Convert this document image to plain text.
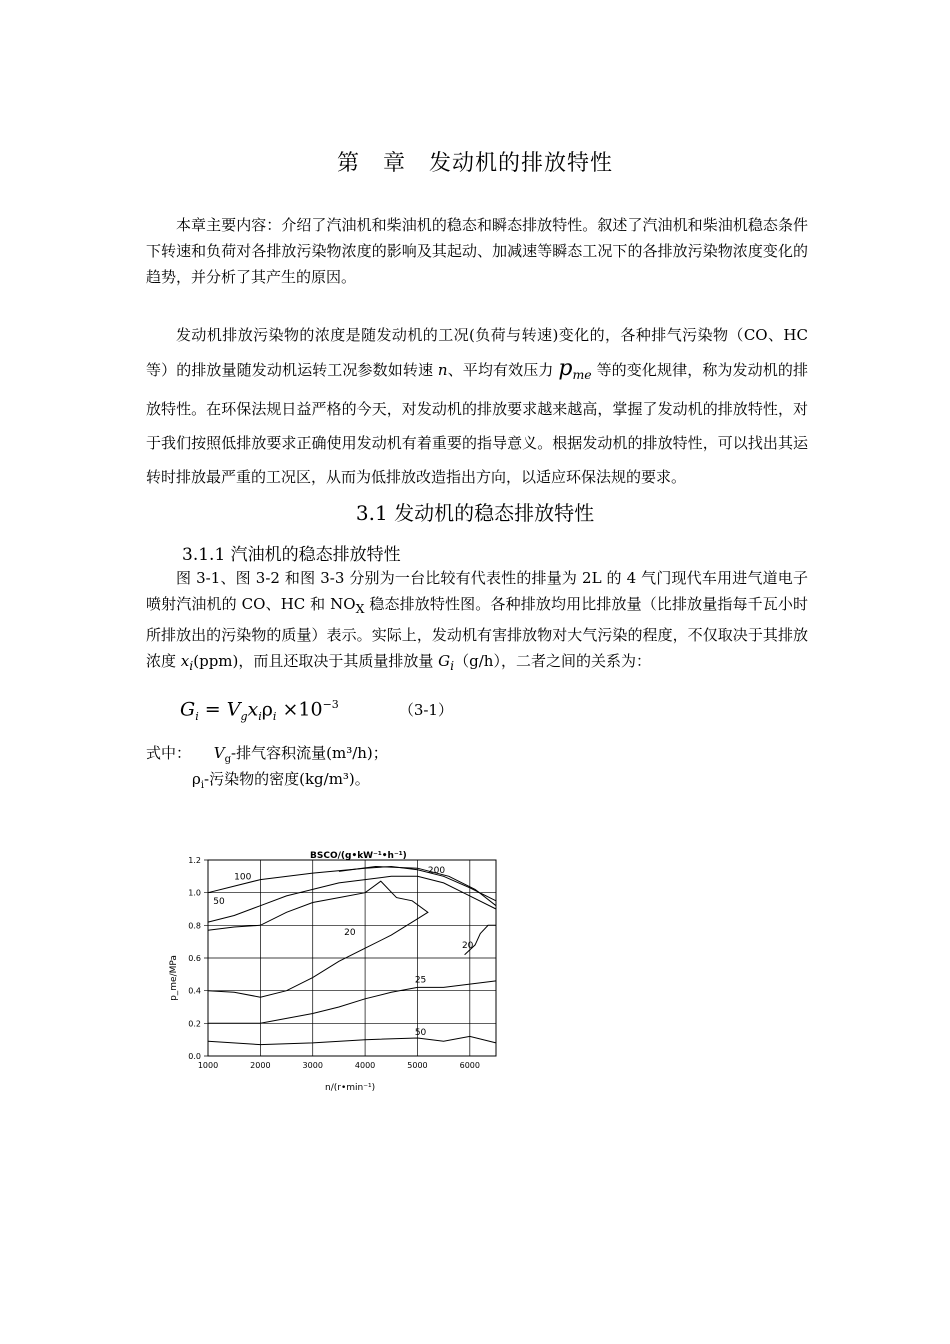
第　章　发动机的排放特性
本章主要内容：介绍了汽油机和柴油机的稳态和瞬态排放特性。叙述了汽油机和柴油机稳态条件下转速和负荷对各排放污染物浓度的影响及其起动、加减速等瞬态工况下的各排放污染物浓度变化的趋势，并分析了其产生的原因。
发动机排放污染物的浓度是随发动机的工况(负荷与转速)变化的，各种排气污染物（CO、HC 等）的排放量随发动机运转工况参数如转速 n、平均有效压力 $p_{me}$ 等的变化规律，称为发动机的排放特性。在环保法规日益严格的今天，对发动机的排放要求越来越高，掌握了发动机的排放特性，对于我们按照低排放要求正确使用发动机有着重要的指导意义。根据发动机的排放特性，可以找出其运转时排放最严重的工况区，从而为低排放改造指出方向，以适应环保法规的要求。
3.1 发动机的稳态排放特性
3.1.1 汽油机的稳态排放特性
图 3-1、图 3-2 和图 3-3 分别为一台比较有代表性的排量为 2L 的 4 气门现代车用进气道电子喷射汽油机的 CO、HC 和 $NO_X$ 稳态排放特性图。各种排放均用比排放量（比排放量指每千瓦小时所排放出的污染物的质量）表示。实际上，发动机有害排放物对大气污染的程度，不仅取决于其排放浓度 $x_i(ppm)$，而且还取决于其质量排放量 $G_i(g/h)$，二者之间的关系为：
$G_i = V_gx_i\rho_i \times 10^{-3}$	（3-1）
式中： $V_g-$排气容积流量(m³/h)；
$\rho_i-$污染物的密度(kg/m³)。
100
200
50
20
20
25
50
1000	2000	3000	4000	5000	6000
0.0
0.2
0.4
0.6
0.8
1.0
1.2	BSCO/(g•kW⁻¹•h⁻¹)
n/(r•min⁻¹)
p_me/MPa
